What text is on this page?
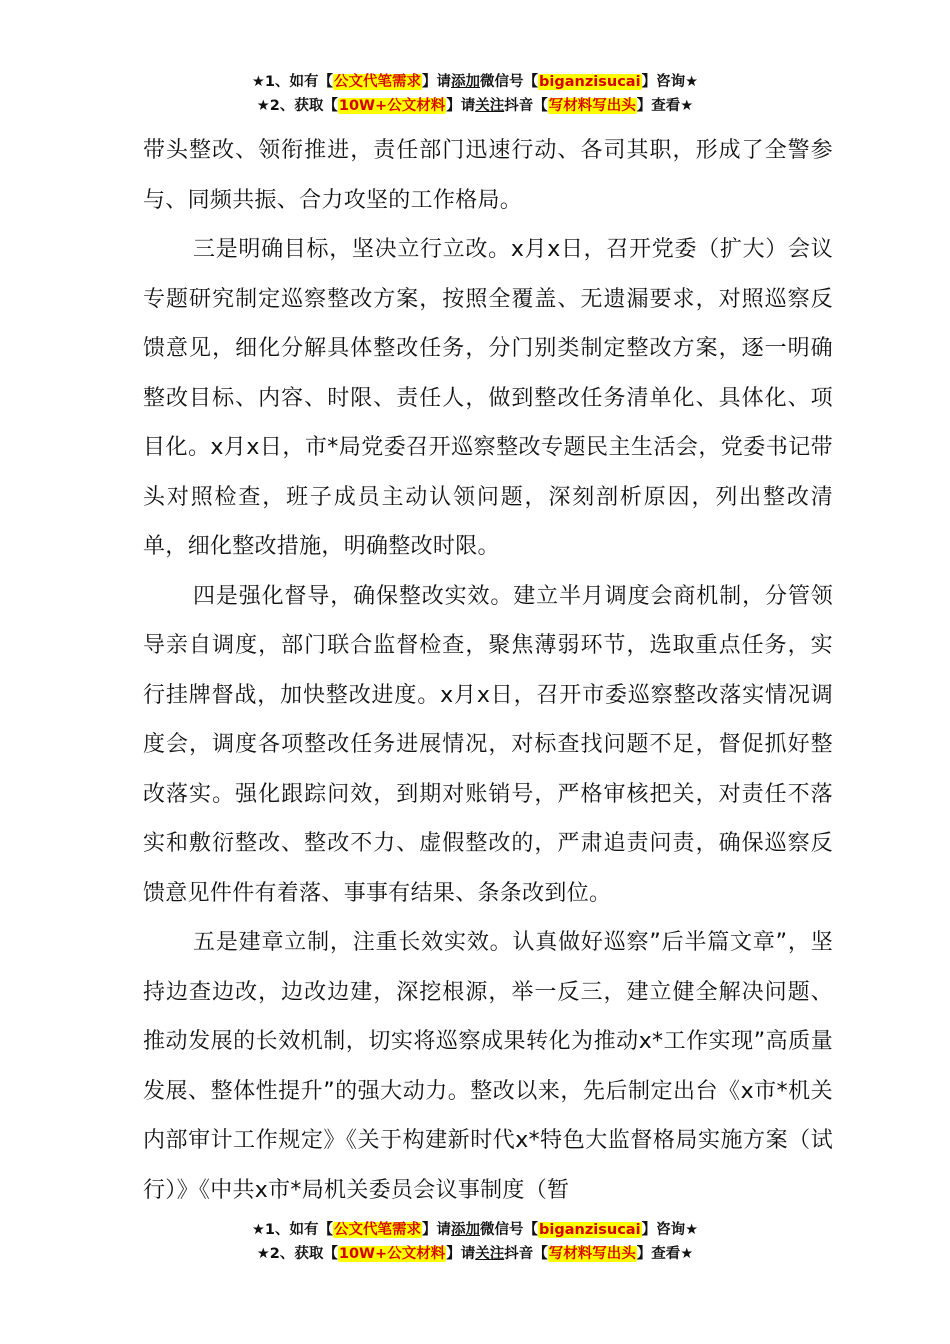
★1、如有【公文代笔需求】请添加微信号【biganzisucai】咨询★
★2、获取【10W+公文材料】请关注抖音【写材料写出头】查看★

带头整改、领衔推进，责任部门迅速行动、各司其职，形成了全警参与、同频共振、合力攻坚的工作格局。

三是明确目标，坚决立行立改。x月x日，召开党委（扩大）会议专题研究制定巡察整改方案，按照全覆盖、无遗漏要求，对照巡察反馈意见，细化分解具体整改任务，分门别类制定整改方案，逐一明确整改目标、内容、时限、责任人，做到整改任务清单化、具体化、项目化。x月x日，市*局党委召开巡察整改专题民主生活会，党委书记带头对照检查，班子成员主动认领问题，深刻剖析原因，列出整改清单，细化整改措施，明确整改时限。

四是强化督导，确保整改实效。建立半月调度会商机制，分管领导亲自调度，部门联合监督检查，聚焦薄弱环节，选取重点任务，实行挂牌督战，加快整改进度。x月x日，召开市委巡察整改落实情况调度会，调度各项整改任务进展情况，对标查找问题不足，督促抓好整改落实。强化跟踪问效，到期对账销号，严格审核把关，对责任不落实和敷衍整改、整改不力、虚假整改的，严肃追责问责，确保巡察反馈意见件件有着落、事事有结果、条条改到位。

五是建章立制，注重长效实效。认真做好巡察”后半篇文章”，坚持边查边改，边改边建，深挖根源，举一反三，建立健全解决问题、推动发展的长效机制，切实将巡察成果转化为推动x*工作实现”高质量发展、整体性提升”的强大动力。整改以来，先后制定出台《x市*机关内部审计工作规定》《关于构建新时代x*特色大监督格局实施方案（试行）》《中共x市*局机关委员会议事制度（暂

★1、如有【公文代笔需求】请添加微信号【biganzisucai】咨询★
★2、获取【10W+公文材料】请关注抖音【写材料写出头】查看★
